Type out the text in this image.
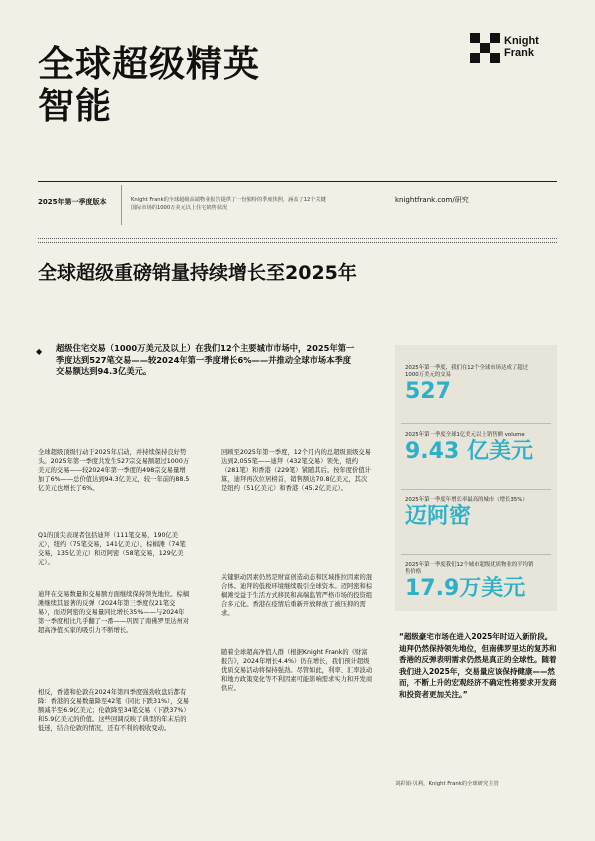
全球超级精英
智能
Knight
Frank
2025年第一季度版本	Knight Frank的全球超级高端物业报告提供了一份独特的季度快照，涵盖了12个关键国际市场的1000万美元以上住宅销售状况
knightfrank.com/研究
全球超级重磅销量持续增长至2025年
◆ 超级住宅交易（1000万美元及以上）在我们12个主要城市市场中，2025年第一季度达到527笔交易——较2024年第一季度增长6%——并推动全球市场本季度交易额达到94.3亿美元。
全球超级顶级行动于2025年启动，并持续保持良好势头。2025年第一季度共发生527宗交易额超过1000万美元的交易——较2024年第一季度的498宗交易量增加了6%——总价值达到94.3亿美元，较一年前的88.5亿美元也增长了6%。
Q1的顶尖表现者包括迪拜（111笔交易，190亿美元），纽约（75笔交易，141亿美元），棕榈滩（74笔交易，135亿美元）和迈阿密（58笔交易，129亿美元）。
迪拜在交易数量和交易额方面继续保持领先地位。棕榈滩继续其显著的反弹（2024年第三季度仅21笔交易），而迈阿密的交易量同比增长35%——与2024年第一季度相比几乎翻了一番——巩固了南佛罗里达州对超高净值买家的吸引力不断增长。
相反，香港和伦敦在2024年第四季度强劲收盘后都有降：香港的交易数量降至42笔（同比下跌31%），交易额减半至6.9亿美元；伦敦降至34笔交易（下跌37%）和5.9亿美元的价值。这些回调反映了典型的年末后的低迷，结合伦敦的情况，还有不利的税收变动。
回顾至2025年第一季度，12个月内的总超级顶级交易达到2,055笔——迪拜（432笔交易）领先，纽约（281笔）和香港（229笔）紧随其后。按年度价值计算，迪拜再次位居榜首，销售额达70.8亿美元，其次是纽约（51亿美元）和香港（45.2亿美元）。
关键驱动因素仍然是财富创造动态和区域推拉因素的混合体。迪拜的低税环境继续吸引全球资本。迈阿密和棕榈滩受益于生活方式移民和高端监管严格市场的投资组合多元化。香港在疫情后重新开放释放了被压抑的需求。
随着全球超高净值人群（根据Knight Frank的《财富报告》，2024年增长4.4%）仍在增长，我们预计超级优质交易活动将保持强劲。尽管如此，利率、汇率波动和地方政策变化等不利因素可能影响需求实力和开发商供应。
2025年第一季度，我们在12个全球市场达成了超过1000万美元的交易
527
2025年第一季度全球1亿美元以上销售额 volume
9.43 亿美元
2025年第一季度年增长率最高的城市（增长35%）
迈阿密
2025年第一季度我们12个城市超级优质物业的平均销售价格
17.9万美元
“超级豪宅市场在进入2025年时迈入新阶段。迪拜仍然保持领先地位，但南佛罗里达的复苏和香港的反弹表明需求仍然是真正的全球性。随着我们进入2025年，交易量应该保持健康——然而，不断上升的宏观经济不确定性将要求开发商和投资者更加关注。”
刘彩娟·贝利，Knight Frank的全球研究主管
